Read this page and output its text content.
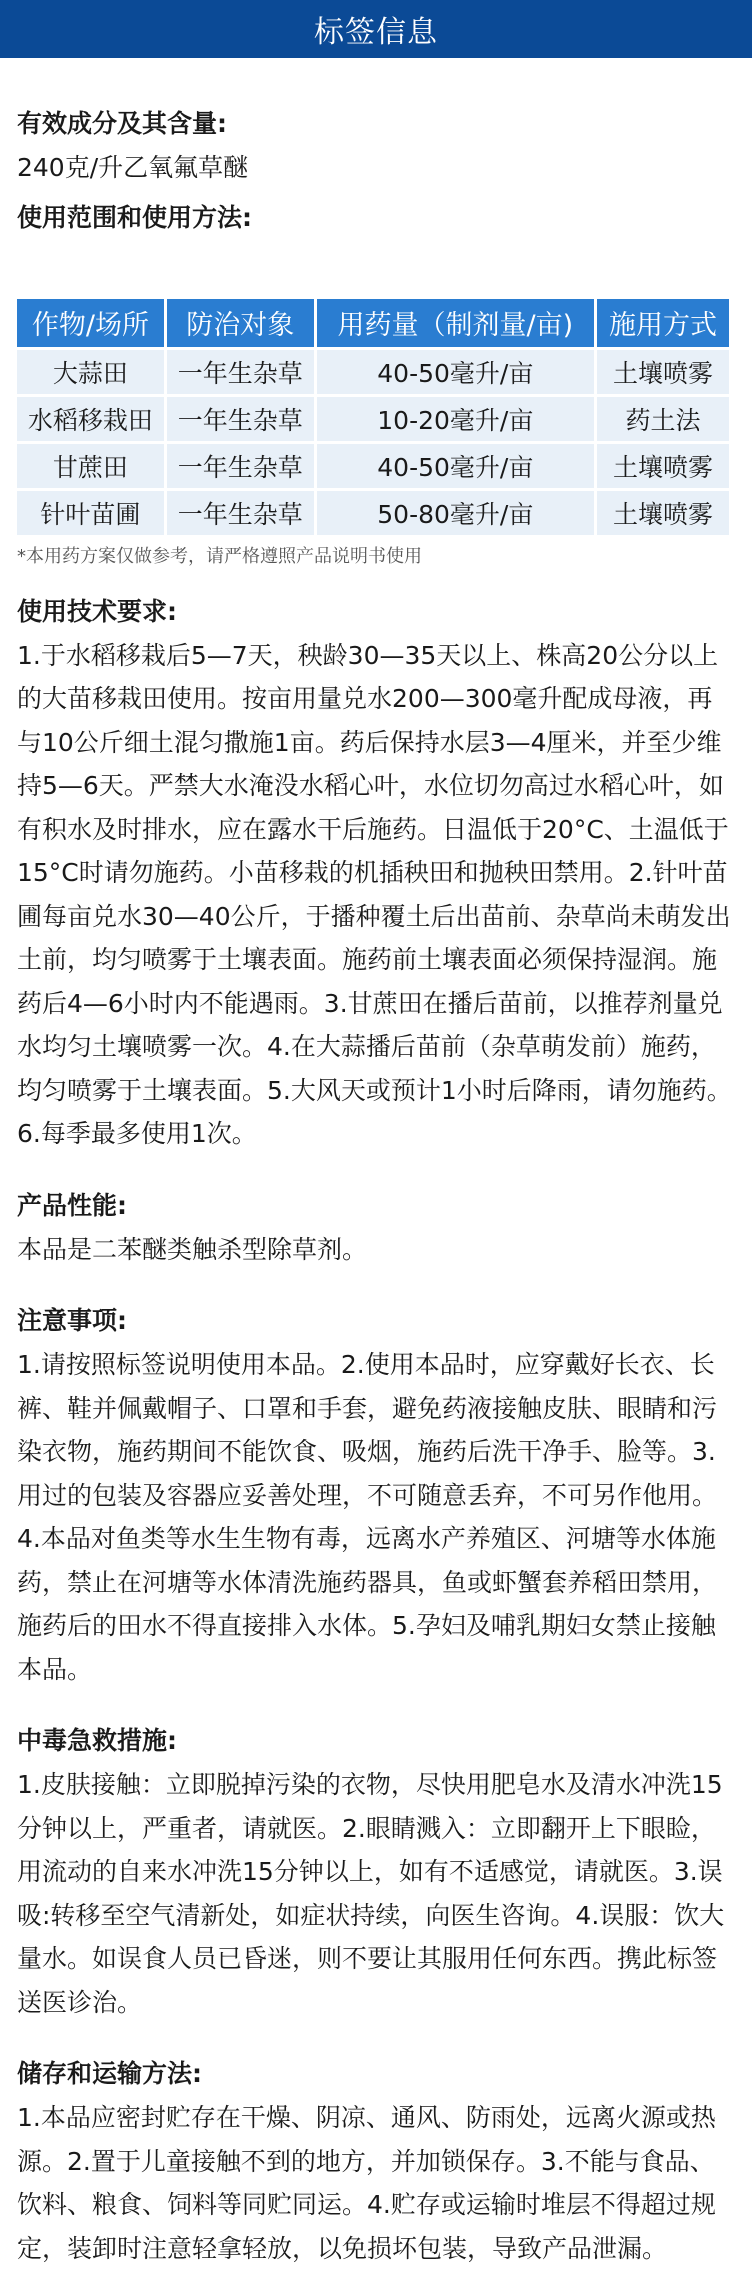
标签信息
有效成分及其含量:
240克/升乙氧氟草醚
使用范围和使用方法:
作物/场所	防治对象	用药量（制剂量/亩)	施用方式
大蒜田	一年生杂草	40-50毫升/亩	土壤喷雾
水稻移栽田	一年生杂草	10-20毫升/亩	药土法
甘蔗田	一年生杂草	40-50毫升/亩	土壤喷雾
针叶苗圃	一年生杂草	50-80毫升/亩	土壤喷雾
*本用药方案仅做参考，请严格遵照产品说明书使用
使用技术要求:
1.于水稻移栽后5—7天，秧龄30—35天以上、株高20公分以上的大苗移栽田使用。按亩用量兑水200—300毫升配成母液，再与10公斤细土混匀撒施1亩。药后保持水层3—4厘米，并至少维持5—6天。严禁大水淹没水稻心叶，水位切勿高过水稻心叶，如有积水及时排水，应在露水干后施药。日温低于20°C、土温低于15°C时请勿施药。小苗移栽的机插秧田和抛秧田禁用。2.针叶苗圃每亩兑水30—40公斤，于播种覆土后出苗前、杂草尚未萌发出土前，均匀喷雾于土壤表面。施药前土壤表面必须保持湿润。施药后4—6小时内不能遇雨。3.甘蔗田在播后苗前，以推荐剂量兑水均匀土壤喷雾一次。4.在大蒜播后苗前（杂草萌发前）施药，均匀喷雾于土壤表面。5.大风天或预计1小时后降雨，请勿施药。6.每季最多使用1次。
产品性能:
本品是二苯醚类触杀型除草剂。
注意事项:
1.请按照标签说明使用本品。2.使用本品时，应穿戴好长衣、长裤、鞋并佩戴帽子、口罩和手套，避免药液接触皮肤、眼睛和污染衣物，施药期间不能饮食、吸烟，施药后洗干净手、脸等。3.用过的包装及容器应妥善处理，不可随意丢弃，不可另作他用。4.本品对鱼类等水生生物有毒，远离水产养殖区、河塘等水体施药，禁止在河塘等水体清洗施药器具，鱼或虾蟹套养稻田禁用，施药后的田水不得直接排入水体。5.孕妇及哺乳期妇女禁止接触本品。
中毒急救措施:
1.皮肤接触：立即脱掉污染的衣物，尽快用肥皂水及清水冲洗15分钟以上，严重者，请就医。2.眼睛溅入：立即翻开上下眼睑，用流动的自来水冲洗15分钟以上，如有不适感觉，请就医。3.误吸:转移至空气清新处，如症状持续，向医生咨询。4.误服：饮大量水。如误食人员已昏迷，则不要让其服用任何东西。携此标签送医诊治。
储存和运输方法:
1.本品应密封贮存在干燥、阴凉、通风、防雨处，远离火源或热源。2.置于儿童接触不到的地方，并加锁保存。3.不能与食品、饮料、粮食、饲料等同贮同运。4.贮存或运输时堆层不得超过规定，装卸时注意轻拿轻放，以免损坏包装，导致产品泄漏。
